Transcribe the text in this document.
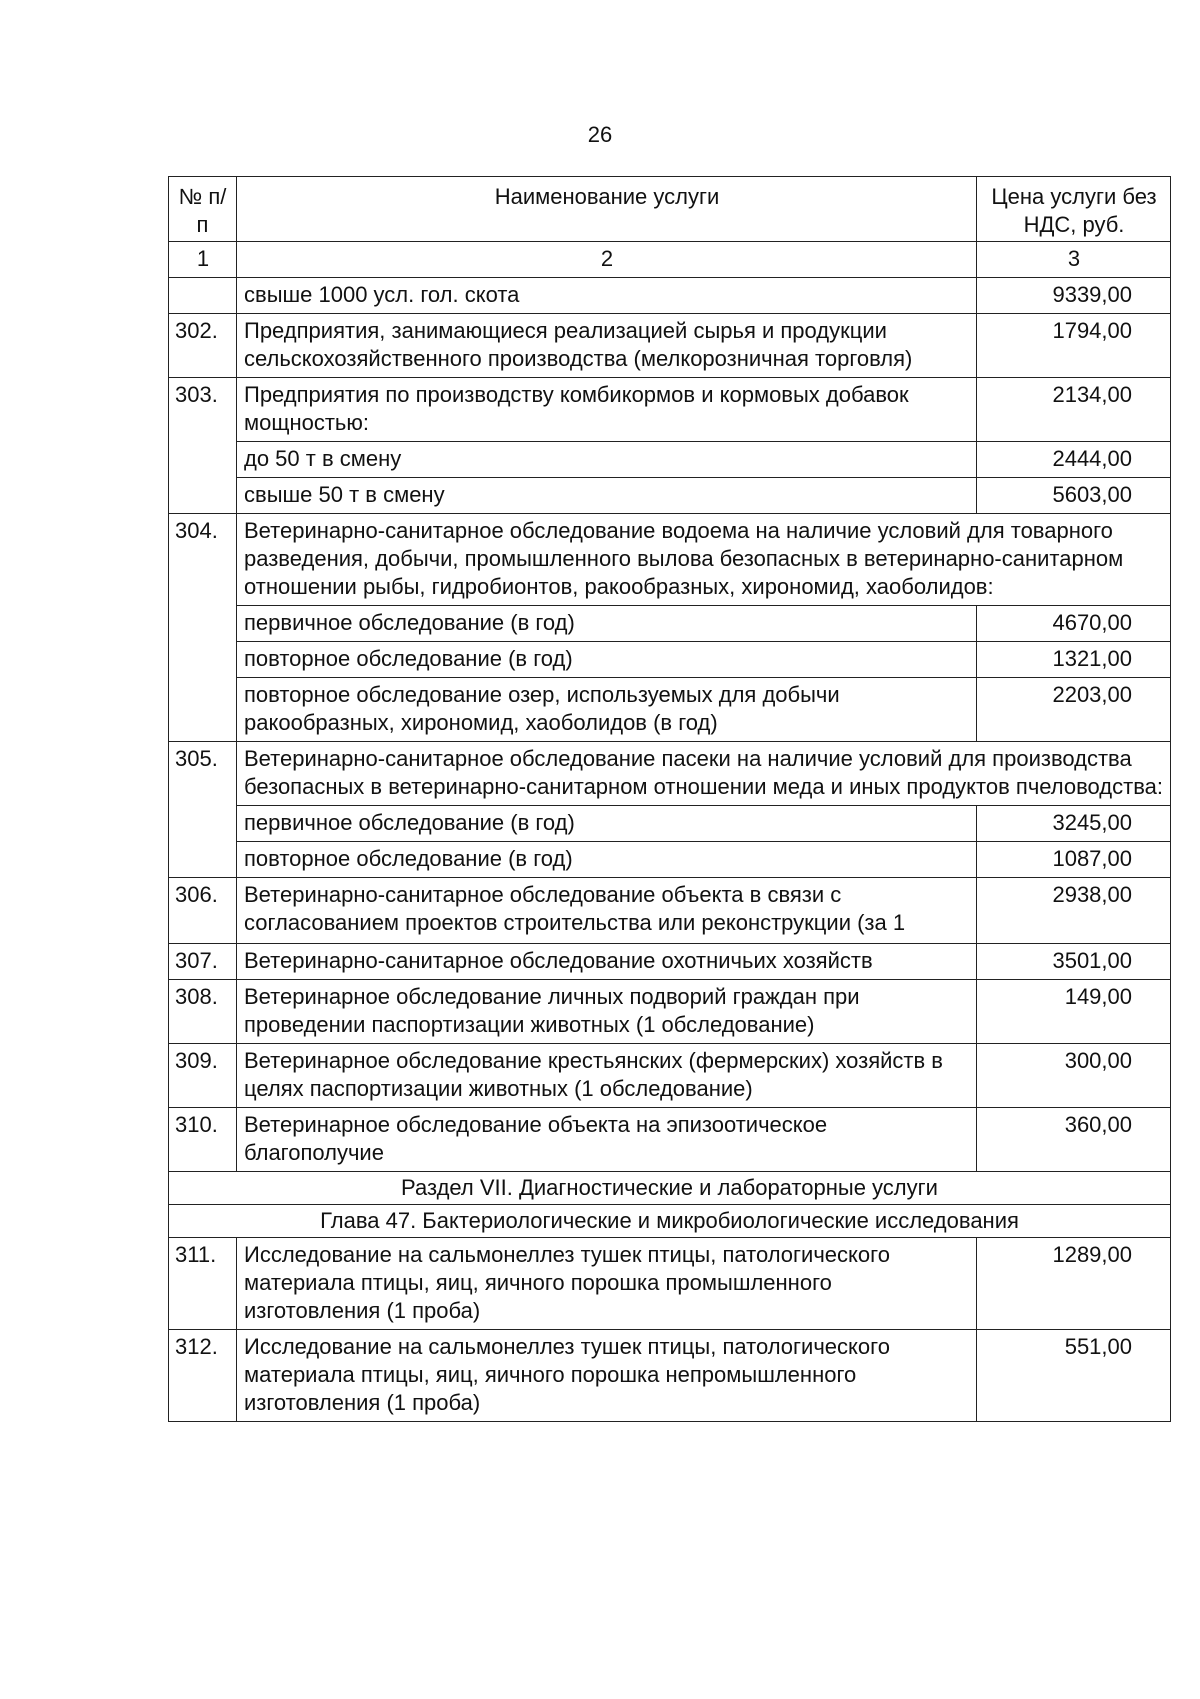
26
№ п/п	Наименование услуги	Цена услуги без НДС, руб.
1	2	3
	свыше 1000 усл. гол. скота	9339,00
302.	Предприятия, занимающиеся реализацией сырья и продукции сельскохозяйственного производства (мелкорозничная торговля)	1794,00
303.	Предприятия по производству комбикормов и кормовых добавок мощностью:	2134,00
	до 50 т в смену	2444,00
	свыше 50 т в смену	5603,00
304.	Ветеринарно-санитарное обследование водоема на наличие условий для товарного разведения, добычи, промышленного вылова безопасных в ветеринарно-санитарном отношении рыбы, гидробионтов, ракообразных, хирономид, хаоболидов:	
	первичное обследование (в год)	4670,00
	повторное обследование (в год)	1321,00
	повторное обследование озер, используемых для добычи ракообразных, хирономид, хаоболидов (в год)	2203,00
305.	Ветеринарно-санитарное обследование пасеки на наличие условий для производства безопасных в ветеринарно-санитарном отношении меда и иных продуктов пчеловодства:	
	первичное обследование (в год)	3245,00
	повторное обследование (в год)	1087,00
306.	Ветеринарно-санитарное обследование объекта в связи с согласованием проектов строительства или реконструкции (за 1	2938,00
307.	Ветеринарно-санитарное обследование охотничьих хозяйств	3501,00
308.	Ветеринарное обследование личных подворий граждан при проведении паспортизации животных (1 обследование)	149,00
309.	Ветеринарное обследование крестьянских (фермерских) хозяйств в целях паспортизации животных (1 обследование)	300,00
310.	Ветеринарное обследование объекта на эпизоотическое благополучие	360,00
Раздел VII. Диагностические и лабораторные услуги		
Глава 47. Бактериологические и микробиологические исследования		
311.	Исследование на сальмонеллез тушек птицы, патологического материала птицы, яиц, яичного порошка промышленного изготовления (1 проба)	1289,00
312.	Исследование на сальмонеллез тушек птицы, патологического материала птицы, яиц, яичного порошка непромышленного изготовления (1 проба)	551,00
